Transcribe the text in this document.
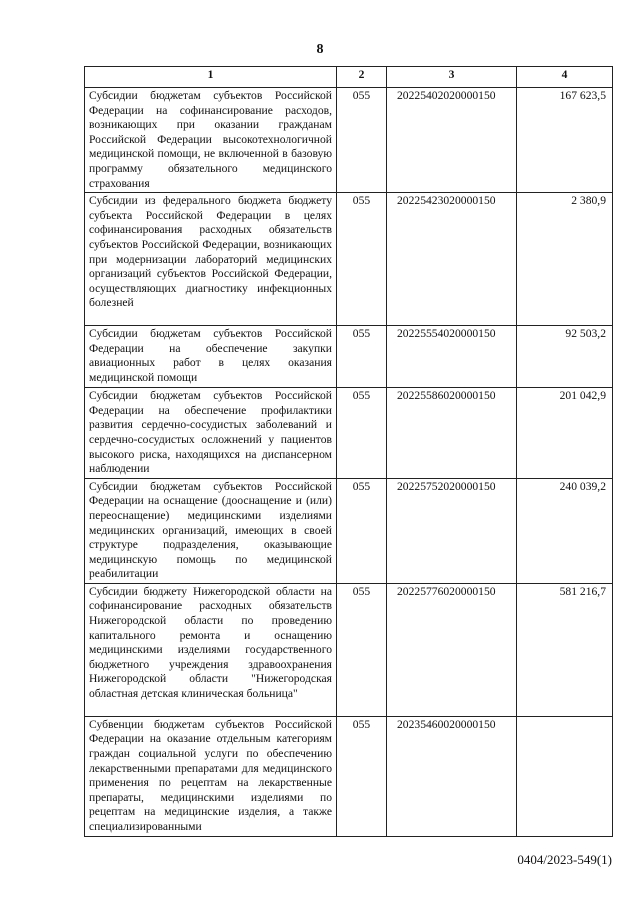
8
1	2	3	4
Субсидии бюджетам субъектов Российской Федерации на софинансирование расходов, возникающих при оказании гражданам Российской Федерации высокотехнологичной медицинской помощи, не включенной в базовую программу обязательного медицинского страхования	055	20225402020000150	167 623,5
Субсидии из федерального бюджета бюджету субъекта Российской Федерации в целях софинансирования расходных обязательств субъектов Российской Федерации, возникающих при модернизации лабораторий медицинских организаций субъектов Российской Федерации, осуществляющих диагностику инфекционных болезней	055	20225423020000150	2 380,9
Субсидии бюджетам субъектов Российской Федерации на обеспечение закупки авиационных работ в целях оказания медицинской помощи	055	20225554020000150	92 503,2
Субсидии бюджетам субъектов Российской Федерации на обеспечение профилактики развития сердечно-сосудистых заболеваний и сердечно-сосудистых осложнений у пациентов высокого риска, находящихся на диспансерном наблюдении	055	20225586020000150	201 042,9
Субсидии бюджетам субъектов Российской Федерации на оснащение (дооснащение и (или) переоснащение) медицинскими изделиями медицинских организаций, имеющих в своей структуре подразделения, оказывающие медицинскую помощь по медицинской реабилитации	055	20225752020000150	240 039,2
Субсидии бюджету Нижегородской области на софинансирование расходных обязательств Нижегородской области по проведению капитального ремонта и оснащению медицинскими изделиями государственного бюджетного учреждения здравоохранения Нижегородской области "Нижегородская областная детская клиническая больница"	055	20225776020000150	581 216,7
Субвенции бюджетам субъектов Российской Федерации на оказание отдельным категориям граждан социальной услуги по обеспечению лекарственными препаратами для медицинского применения по рецептам на лекарственные препараты, медицинскими изделиями по рецептам на медицинские изделия, а также специализированными	055	20235460020000150	
0404/2023-549(1)
